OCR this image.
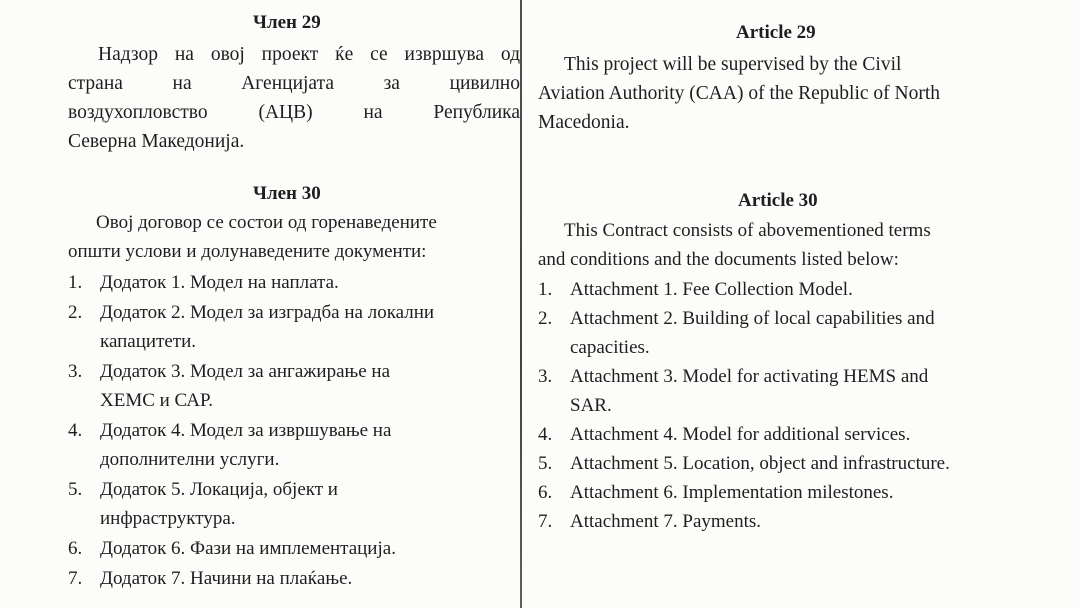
Член 29
Надзор на овој проект ќе се извршува од
страна на Агенцијата за цивилно
воздухопловство (АЦВ) на Република
Северна Македонија.
Член 30
Овој договор се состои од горенаведените
општи услови и долунаведените документи:
1. Додаток 1. Модел на наплата.
2. Додаток 2. Модел за изградба на локални
капацитети.
3. Додаток 3. Модел за ангажирање на
ХЕМС и САР.
4. Додаток 4. Модел за извршување на
дополнителни услуги.
5. Додаток 5. Локација, објект и
инфраструктура.
6. Додаток 6. Фази на имплементација.
7. Додаток 7. Начини на плаќање.
Article 29
This project will be supervised by the Civil
Aviation Authority (CAA) of the Republic of North
Macedonia.
Article 30
This Contract consists of abovementioned terms
and conditions and the documents listed below:
1. Attachment 1. Fee Collection Model.
2. Attachment 2. Building of local capabilities and
capacities.
3. Attachment 3. Model for activating HEMS and
SAR.
4. Attachment 4. Model for additional services.
5. Attachment 5. Location, object and infrastructure.
6. Attachment 6. Implementation milestones.
7. Attachment 7. Payments.
